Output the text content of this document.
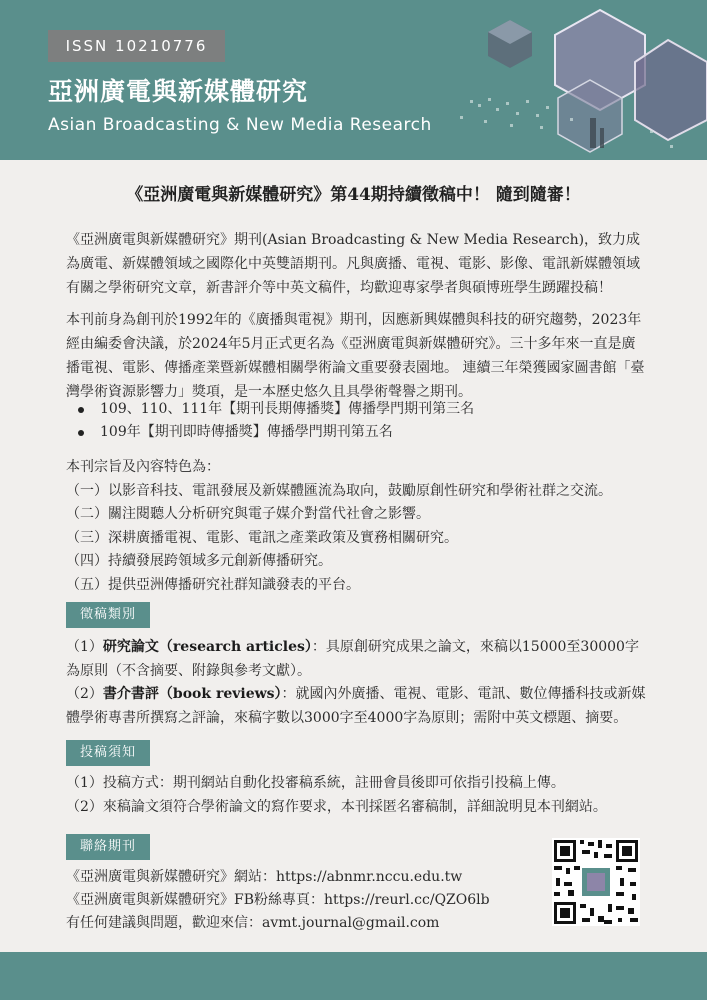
ISSN 10210776
亞洲廣電與新媒體研究
Asian Broadcasting & New Media Research
《亞洲廣電與新媒體研究》第44期持續徵稿中！ 隨到隨審！

《亞洲廣電與新媒體研究》期刊(Asian Broadcasting & New Media Research)，致力成為廣電、新媒體領域之國際化中英雙語期刊。凡與廣播、電視、電影、影像、電訊新媒體領域有關之學術研究文章，新書評介等中英文稿件，均歡迎專家學者與碩博班學生踴躍投稿！

本刊前身為創刊於1992年的《廣播與電視》期刊，因應新興媒體與科技的研究趨勢，2023年經由編委會決議，於2024年5月正式更名為《亞洲廣電與新媒體研究》。三十多年來一直是廣播電視、電影、傳播產業暨新媒體相關學術論文重要發表園地。 連續三年榮獲國家圖書館「臺灣學術資源影響力」獎項，是一本歷史悠久且具學術聲譽之期刊。

109、110、111年【期刊長期傳播獎】傳播學門期刊第三名
109年【期刊即時傳播獎】傳播學門期刊第五名
本刊宗旨及內容特色為：
（一）以影音科技、電訊發展及新媒體匯流為取向，鼓勵原創性研究和學術社群之交流。
（二）關注閱聽人分析研究與電子媒介對當代社會之影響。
（三）深耕廣播電視、電影、電訊之產業政策及實務相關研究。
（四）持續發展跨領域多元創新傳播研究。
（五）提供亞洲傳播研究社群知識發表的平台。
徵稿類別
（1）研究論文（research articles）：具原創研究成果之論文，來稿以15000至30000字為原則（不含摘要、附錄與參考文獻）。
（2）書介書評（book reviews）：就國內外廣播、電視、電影、電訊、數位傳播科技或新媒體學術專書所撰寫之評論，來稿字數以3000字至4000字為原則；需附中英文標題、摘要。
投稿須知
（1）投稿方式：期刊網站自動化投審稿系統，註冊會員後即可依指引投稿上傳。
（2）來稿論文須符合學術論文的寫作要求，本刊採匿名審稿制，詳細說明見本刊網站。
聯絡期刊
《亞洲廣電與新媒體研究》網站：https://abnmr.nccu.edu.tw
《亞洲廣電與新媒體研究》FB粉絲專頁：https://reurl.cc/QZO6lb
有任何建議與問題，歡迎來信：avmt.journal@gmail.com
